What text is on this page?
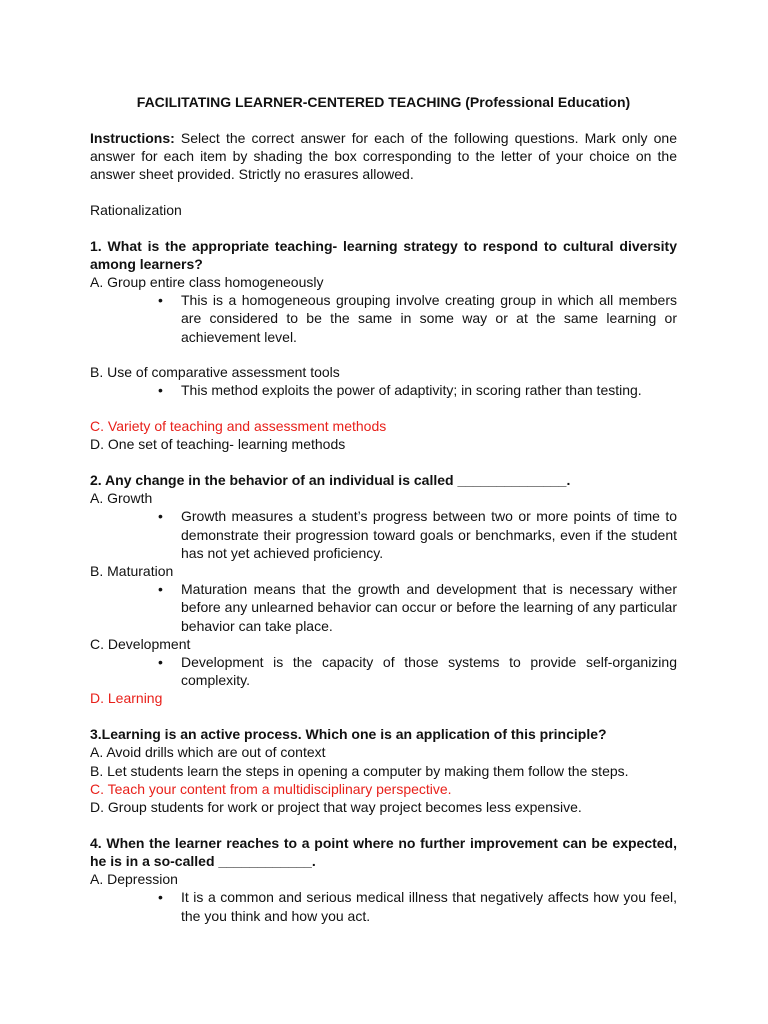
FACILITATING LEARNER-CENTERED TEACHING (Professional Education)

Instructions: Select the correct answer for each of the following questions. Mark only one answer for each item by shading the box corresponding to the letter of your choice on the answer sheet provided. Strictly no erasures allowed.

Rationalization

1. What is the appropriate teaching- learning strategy to respond to cultural diversity among learners?

A. Group entire class homogeneously

• This is a homogeneous grouping involve creating group in which all members are considered to be the same in some way or at the same learning or achievement level.

B. Use of comparative assessment tools

• This method exploits the power of adaptivity; in scoring rather than testing.

C. Variety of teaching and assessment methods

D. One set of teaching- learning methods

2. Any change in the behavior of an individual is called ______________.

A. Growth

• Growth measures a student’s progress between two or more points of time to demonstrate their progression toward goals or benchmarks, even if the student has not yet achieved proficiency.

B. Maturation

• Maturation means that the growth and development that is necessary wither before any unlearned behavior can occur or before the learning of any particular behavior can take place.

C. Development

• Development is the capacity of those systems to provide self-organizing complexity.

D. Learning

3.Learning is an active process. Which one is an application of this principle?

A. Avoid drills which are out of context

B. Let students learn the steps in opening a computer by making them follow the steps.

C. Teach your content from a multidisciplinary perspective.

D. Group students for work or project that way project becomes less expensive.

4. When the learner reaches to a point where no further improvement can be expected, he is in a so-called ____________.

A. Depression

• It is a common and serious medical illness that negatively affects how you feel, the you think and how you act.
